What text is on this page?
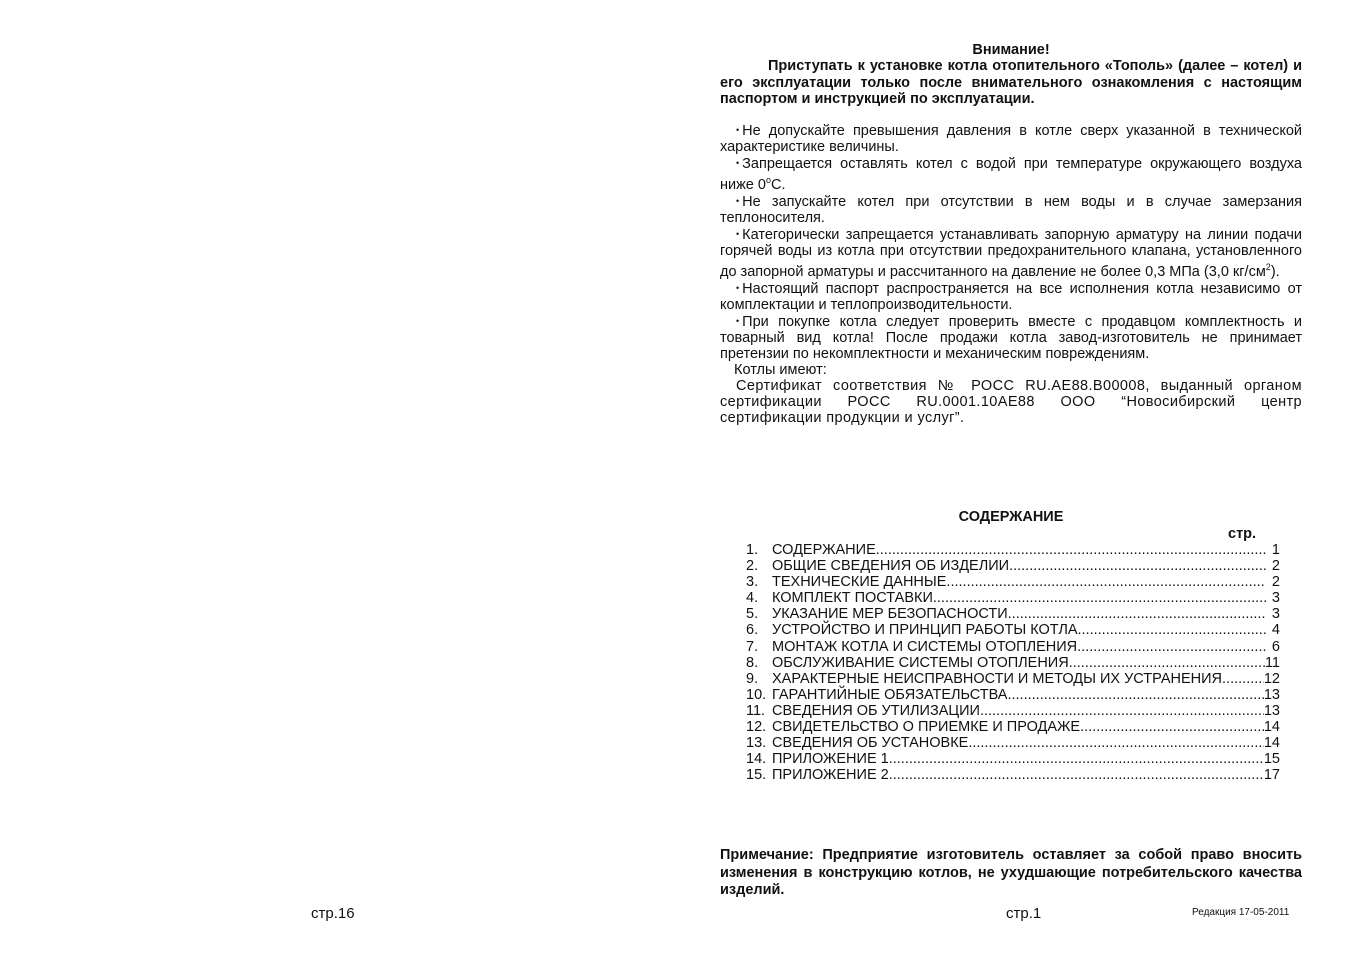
стр.16
Внимание!
Приступать к установке котла отопительного «Тополь» (далее – котел) и его эксплуатации только после внимательного ознакомления с настоящим паспортом и инструкцией по эксплуатации.

• Не допускайте превышения давления в котле сверх указанной в технической характеристике величины.

• Запрещается оставлять котел с водой при температуре окружающего воздуха ниже 0$^o$C.

• Не запускайте котел при отсутствии в нем воды и в случае замерзания теплоносителя.

• Категорически запрещается устанавливать запорную арматуру на линии подачи горячей воды из котла при отсутствии предохранительного клапана, установленного до запорной арматуры и рассчитанного на давление не более 0,3 МПа (3,0 $кг/см^2$).

• Настоящий паспорт распространяется на все исполнения котла независимо от комплектации и теплопроизводительности.

• При покупке котла следует проверить вместе с продавцом комплектность и товарный вид котла! После продажи котла завод-изготовитель не принимает претензии по некомплектности и механическим повреждениям.

Котлы имеют:

Сертификат соответствия № РОСС RU.АЕ88.В00008, выданный органом сертификации РОСС RU.0001.10АЕ88 ООО “Новосибирский центр сертификации продукции и услуг”.

СОДЕРЖАНИЕ
стр.
1. СОДЕРЖАНИЕ .....	1
2. ОБЩИЕ СВЕДЕНИЯ ОБ ИЗДЕЛИИ .....	2
3. ТЕХНИЧЕСКИЕ ДАННЫЕ .....	2
4. КОМПЛЕКТ ПОСТАВКИ .....	3
5. УКАЗАНИЕ МЕР БЕЗОПАСНОСТИ .....	3
6. УСТРОЙСТВО И ПРИНЦИП РАБОТЫ КОТЛА .....	4
7. МОНТАЖ КОТЛА И СИСТЕМЫ ОТОПЛЕНИЯ .....	6
8. ОБСЛУЖИВАНИЕ СИСТЕМЫ ОТОПЛЕНИЯ .....	11
9. ХАРАКТЕРНЫЕ НЕИСПРАВНОСТИ И МЕТОДЫ ИХ УСТРАНЕНИЯ .....	12
10. ГАРАНТИЙНЫЕ ОБЯЗАТЕЛЬСТВА .....	13
11. СВЕДЕНИЯ ОБ УТИЛИЗАЦИИ .....	13
12. СВИДЕТЕЛЬСТВО О ПРИЕМКЕ И ПРОДАЖЕ .....	14
13. СВЕДЕНИЯ ОБ УСТАНОВКЕ .....	14
14. ПРИЛОЖЕНИЕ 1 .....	15
15. ПРИЛОЖЕНИЕ 2 .....	17
Примечание: Предприятие изготовитель оставляет за собой право вносить изменения в конструкцию котлов, не ухудшающие потребительского качества изделий.
стр.1	Редакция 17-05-2011
